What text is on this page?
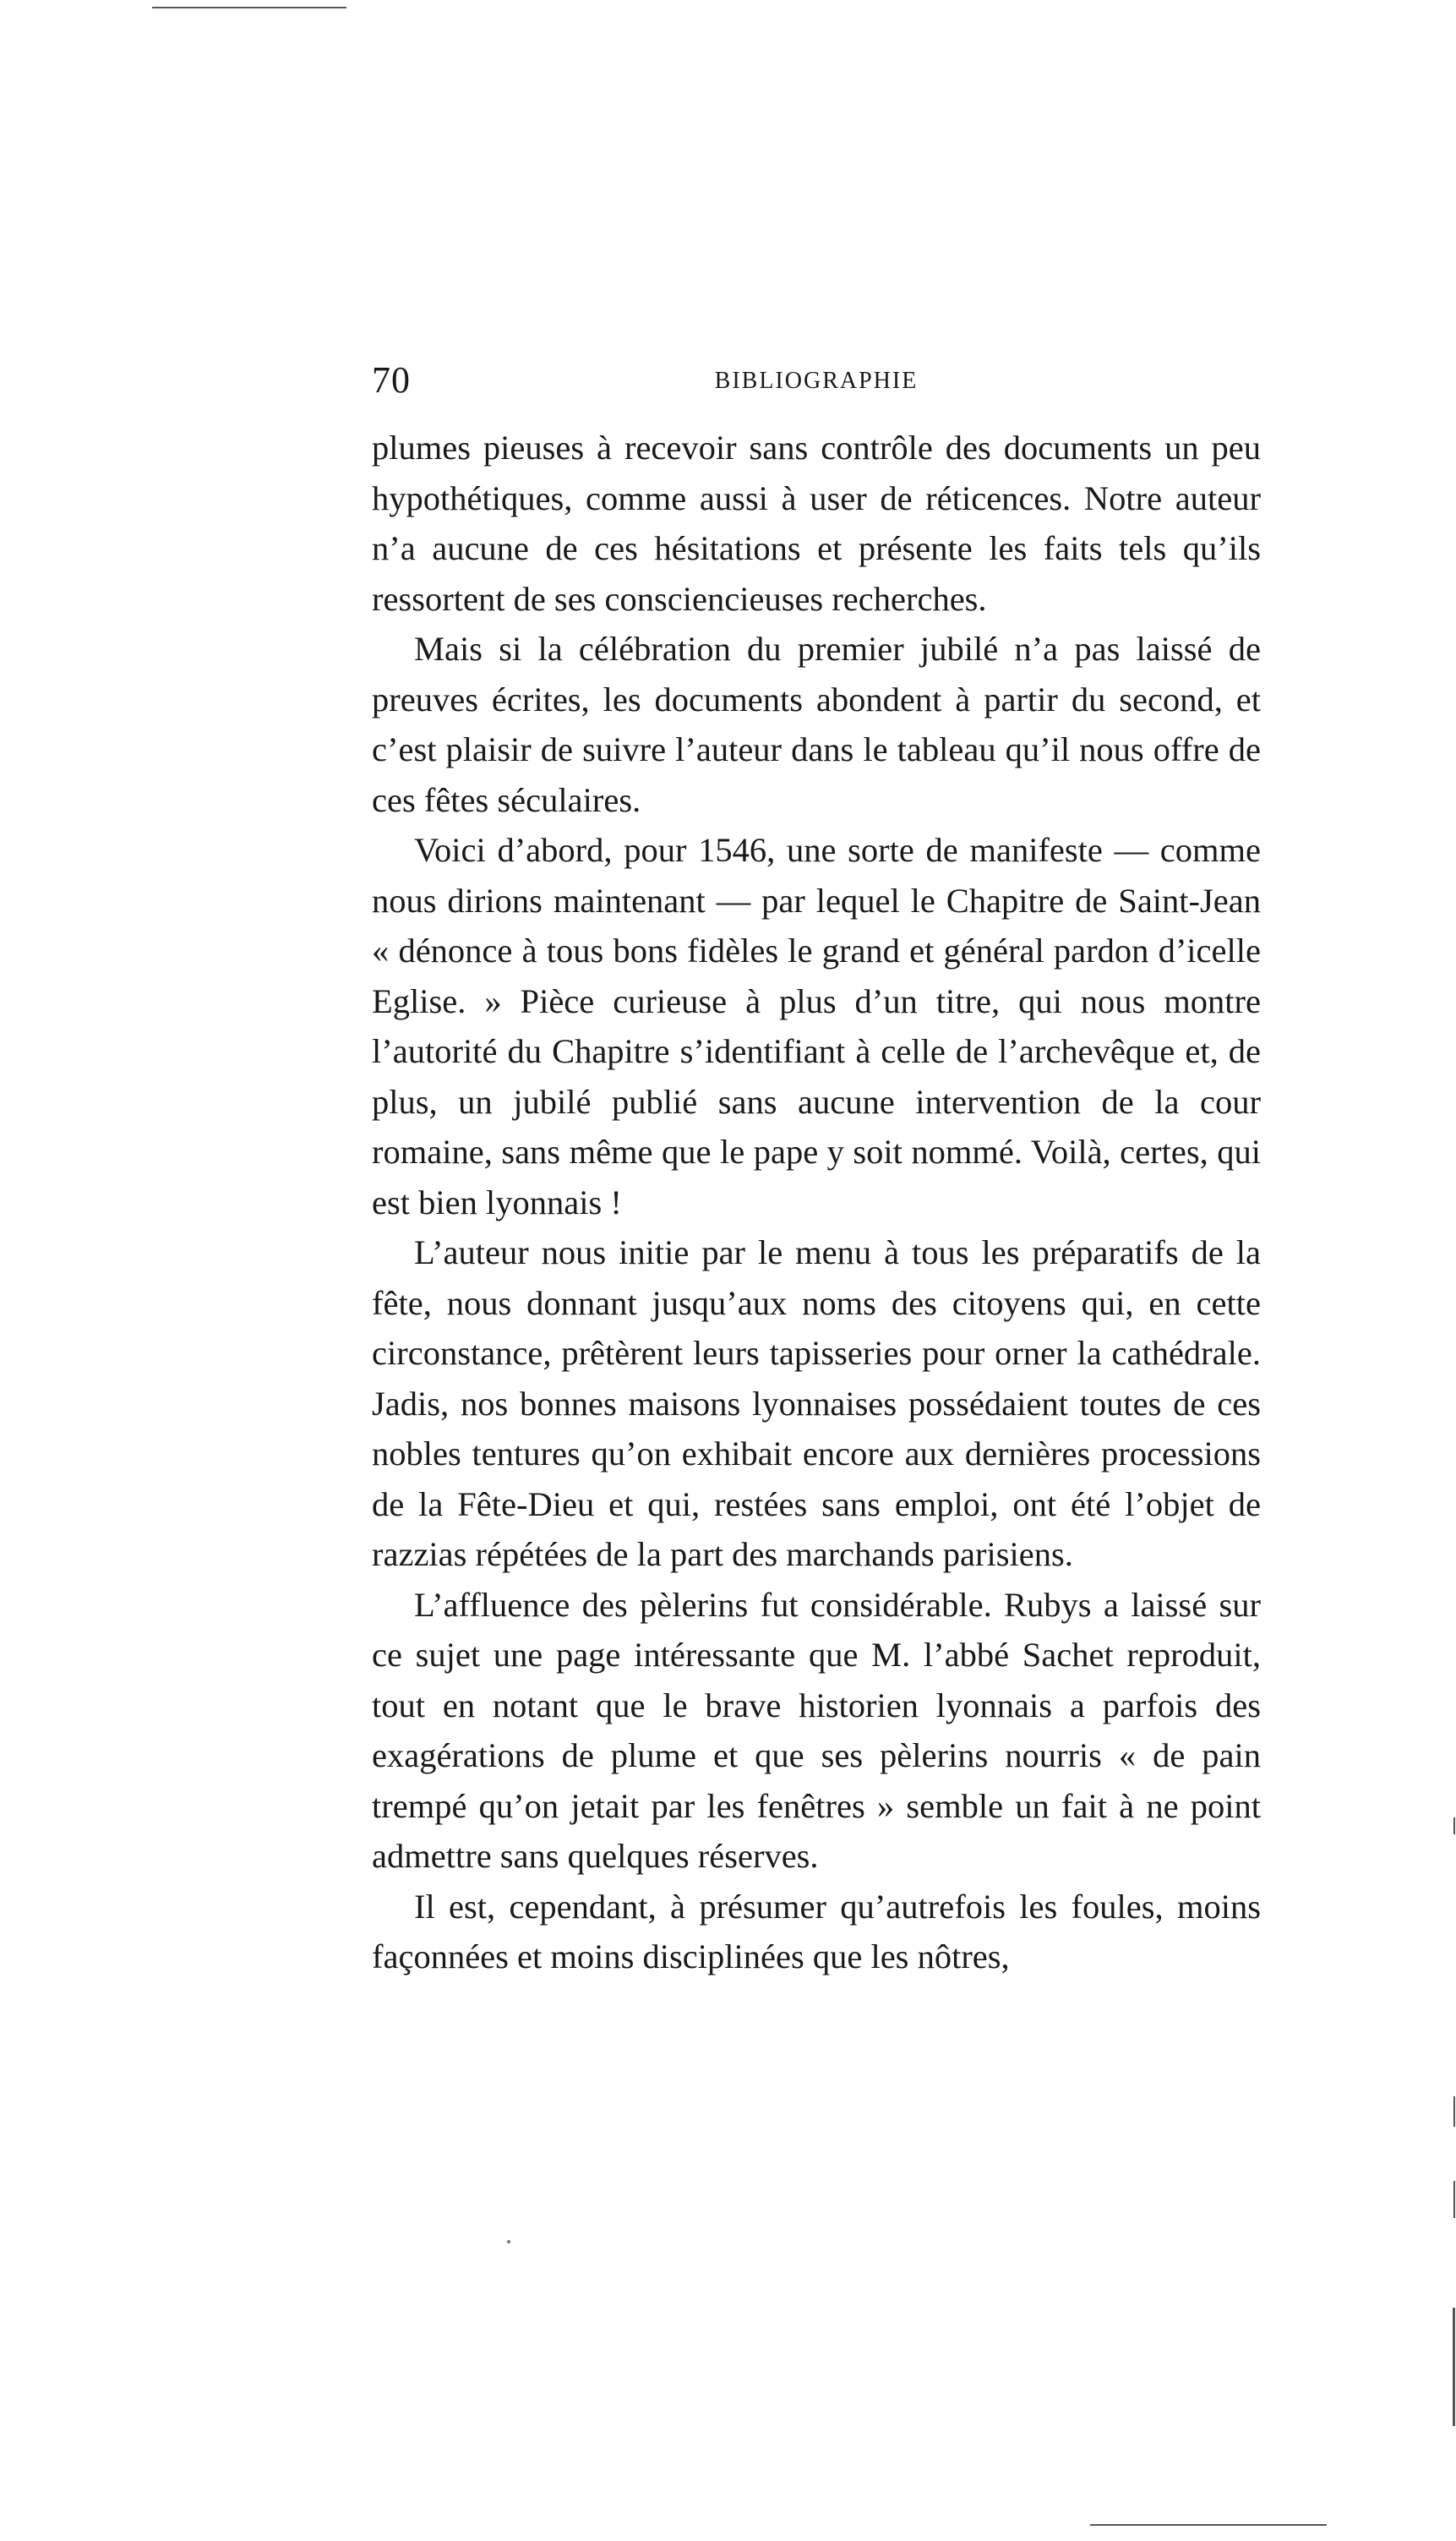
70	BIBLIOGRAPHIE

plumes pieuses à recevoir sans contrôle des documents un peu hypothétiques, comme aussi à user de réticences. Notre auteur n’a aucune de ces hésitations et présente les faits tels qu’ils ressortent de ses consciencieuses recherches.

Mais si la célébration du premier jubilé n’a pas laissé de preuves écrites, les documents abondent à partir du second, et c’est plaisir de suivre l’auteur dans le tableau qu’il nous offre de ces fêtes séculaires.

Voici d’abord, pour 1546, une sorte de manifeste — comme nous dirions maintenant — par lequel le Chapitre de Saint-Jean « dénonce à tous bons fidèles le grand et général pardon d’icelle Eglise. » Pièce curieuse à plus d’un titre, qui nous montre l’autorité du Chapitre s’identifiant à celle de l’archevêque et, de plus, un jubilé publié sans aucune intervention de la cour romaine, sans même que le pape y soit nommé. Voilà, certes, qui est bien lyonnais !

L’auteur nous initie par le menu à tous les préparatifs de la fête, nous donnant jusqu’aux noms des citoyens qui, en cette circonstance, prêtèrent leurs tapisseries pour orner la cathédrale. Jadis, nos bonnes maisons lyonnaises possédaient toutes de ces nobles tentures qu’on exhibait encore aux dernières processions de la Fête-Dieu et qui, restées sans emploi, ont été l’objet de razzias répétées de la part des marchands parisiens.

L’affluence des pèlerins fut considérable. Rubys a laissé sur ce sujet une page intéressante que M. l’abbé Sachet reproduit, tout en notant que le brave historien lyonnais a parfois des exagérations de plume et que ses pèlerins nourris « de pain trempé qu’on jetait par les fenêtres » semble un fait à ne point admettre sans quelques réserves.

Il est, cependant, à présumer qu’autrefois les foules, moins façonnées et moins disciplinées que les nôtres,
